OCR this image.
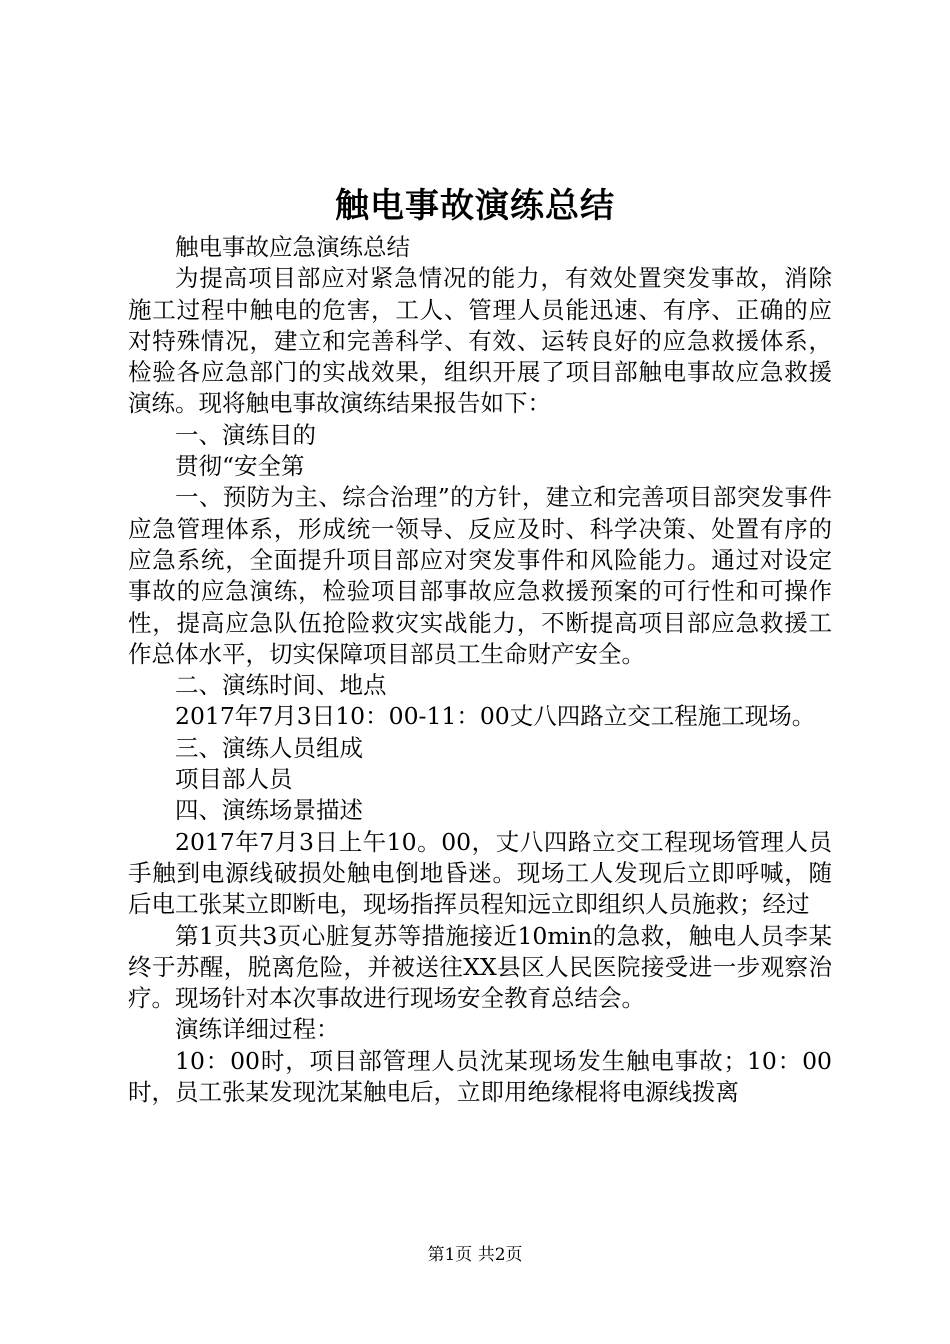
触电事故演练总结

触电事故应急演练总结

为提高项目部应对紧急情况的能力，有效处置突发事故，消除施工过程中触电的危害，工人、管理人员能迅速、有序、正确的应对特殊情况，建立和完善科学、有效、运转良好的应急救援体系，检验各应急部门的实战效果，组织开展了项目部触电事故应急救援演练。现将触电事故演练结果报告如下：

一、演练目的

贯彻“安全第

一、预防为主、综合治理”的方针，建立和完善项目部突发事件应急管理体系，形成统一领导、反应及时、科学决策、处置有序的应急系统，全面提升项目部应对突发事件和风险能力。通过对设定事故的应急演练，检验项目部事故应急救援预案的可行性和可操作性，提高应急队伍抢险救灾实战能力，不断提高项目部应急救援工作总体水平，切实保障项目部员工生命财产安全。

二、演练时间、地点

2017年7月3日10：00-11：00丈八四路立交工程施工现场。

三、演练人员组成

项目部人员

四、演练场景描述

2017年7月3日上午10。00，丈八四路立交工程现场管理人员手触到电源线破损处触电倒地昏迷。现场工人发现后立即呼喊，随后电工张某立即断电，现场指挥员程知远立即组织人员施救；经过

第1页共3页心脏复苏等措施接近10min的急救，触电人员李某终于苏醒，脱离危险，并被送往XX县区人民医院接受进一步观察治疗。现场针对本次事故进行现场安全教育总结会。

演练详细过程：

10：00时，项目部管理人员沈某现场发生触电事故；10：00时，员工张某发现沈某触电后，立即用绝缘棍将电源线拨离

第1页 共2页
